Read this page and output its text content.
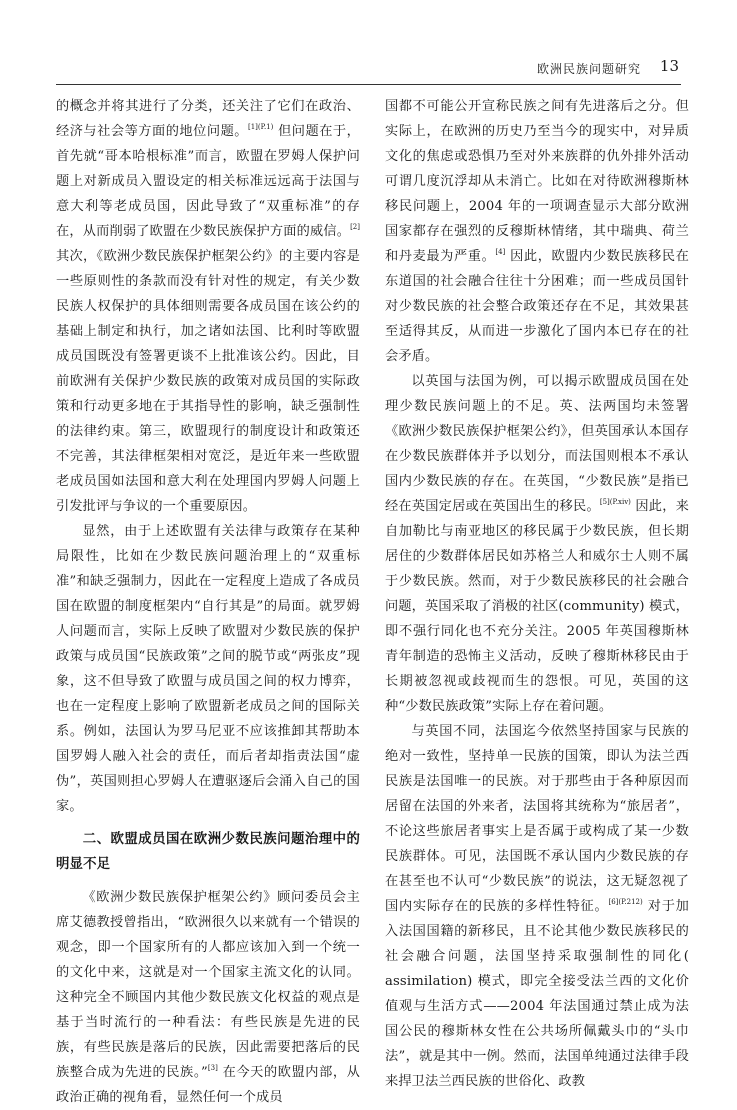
欧洲民族问题研究 13

的概念并将其进行了分类，还关注了它们在政治、经济与社会等方面的地位问题。$^{[1](P.1)}$ 但问题在于，首先就“哥本哈根标准”而言，欧盟在罗姆人保护问题上对新成员入盟设定的相关标准远远高于法国与意大利等老成员国，因此导致了“双重标准”的存在，从而削弱了欧盟在少数民族保护方面的威信。[2] 其次，《欧洲少数民族保护框架公约》的主要内容是一些原则性的条款而没有针对性的规定，有关少数民族人权保护的具体细则需要各成员国在该公约的基础上制定和执行，加之诸如法国、比利时等欧盟成员国既没有签署更谈不上批准该公约。因此，目前欧洲有关保护少数民族的政策对成员国的实际政策和行动更多地在于其指导性的影响，缺乏强制性的法律约束。第三，欧盟现行的制度设计和政策还不完善，其法律框架相对宽泛，是近年来一些欧盟老成员国如法国和意大利在处理国内罗姆人问题上引发批评与争议的一个重要原因。

显然，由于上述欧盟有关法律与政策存在某种局限性，比如在少数民族问题治理上的“双重标准”和缺乏强制力，因此在一定程度上造成了各成员国在欧盟的制度框架内“自行其是”的局面。就罗姆人问题而言，实际上反映了欧盟对少数民族的保护政策与成员国“民族政策”之间的脱节或“两张皮”现象，这不但导致了欧盟与成员国之间的权力博弈，也在一定程度上影响了欧盟新老成员之间的国际关系。例如，法国认为罗马尼亚不应该推卸其帮助本国罗姆人融入社会的责任，而后者却指责法国“虚伪”，英国则担心罗姆人在遭驱逐后会涌入自己的国家。

二、欧盟成员国在欧洲少数民族问题治理中的明显不足

《欧洲少数民族保护框架公约》顾问委员会主席艾德教授曾指出，“欧洲很久以来就有一个错误的观念，即一个国家所有的人都应该加入到一个统一的文化中来，这就是对一个国家主流文化的认同。这种完全不顾国内其他少数民族文化权益的观点是基于当时流行的一种看法：有些民族是先进的民族，有些民族是落后的民族，因此需要把落后的民族整合成为先进的民族。”[3] 在今天的欧盟内部，从政治正确的视角看，显然任何一个成员

国都不可能公开宣称民族之间有先进落后之分。但实际上，在欧洲的历史乃至当今的现实中，对异质文化的焦虑或恐惧乃至对外来族群的仇外排外活动可谓几度沉浮却从未消亡。比如在对待欧洲穆斯林移民问题上，2004 年的一项调查显示大部分欧洲国家都存在强烈的反穆斯林情绪，其中瑞典、荷兰和丹麦最为严重。[4] 因此，欧盟内少数民族移民在东道国的社会融合往往十分困难；而一些成员国针对少数民族的社会整合政策还存在不足，其效果甚至适得其反，从而进一步激化了国内本已存在的社会矛盾。

以英国与法国为例，可以揭示欧盟成员国在处理少数民族问题上的不足。英、法两国均未签署《欧洲少数民族保护框架公约》，但英国承认本国存在少数民族群体并予以划分，而法国则根本不承认国内少数民族的存在。在英国，“少数民族”是指已经在英国定居或在英国出生的移民。$^{[5](P.xiv)}$ 因此，来自加勒比与南亚地区的移民属于少数民族，但长期居住的少数群体居民如苏格兰人和威尔士人则不属于少数民族。然而，对于少数民族移民的社会融合问题，英国采取了消极的社区(community) 模式，即不强行同化也不充分关注。2005 年英国穆斯林青年制造的恐怖主义活动，反映了穆斯林移民由于长期被忽视或歧视而生的怨恨。可见，英国的这种“少数民族政策”实际上存在着问题。

与英国不同，法国迄今依然坚持国家与民族的绝对一致性，坚持单一民族的国策，即认为法兰西民族是法国唯一的民族。对于那些由于各种原因而居留在法国的外来者，法国将其统称为“旅居者”，不论这些旅居者事实上是否属于或构成了某一少数民族群体。可见，法国既不承认国内少数民族的存在甚至也不认可“少数民族”的说法，这无疑忽视了国内实际存在的民族的多样性特征。$^{[6](P.212)}$ 对于加入法国国籍的新移民，且不论其他少数民族移民的社会融合问题，法国坚持采取强制性的同化( assimilation) 模式，即完全接受法兰西的文化价值观与生活方式——2004 年法国通过禁止成为法国公民的穆斯林女性在公共场所佩戴头巾的“头巾法”，就是其中一例。然而，法国单纯通过法律手段来捍卫法兰西民族的世俗化、政教
